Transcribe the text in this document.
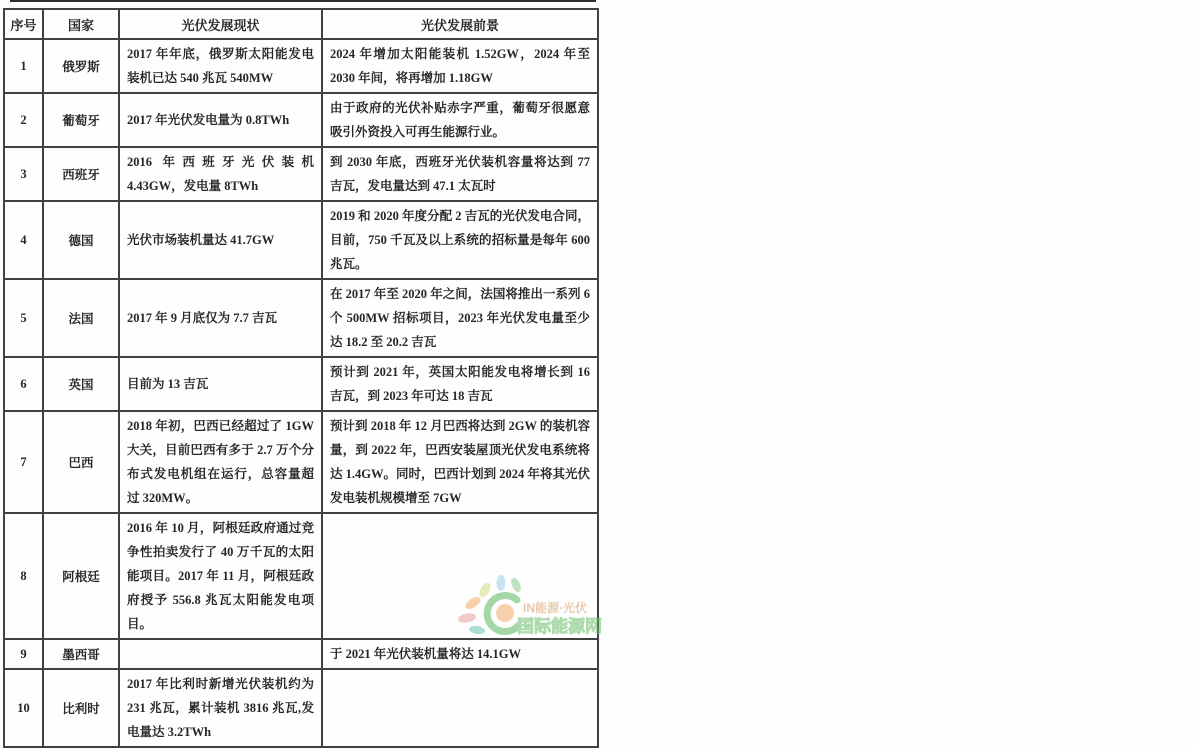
序号	国家	光伏发展现状	光伏发展前景
1	俄罗斯	2017 年年底，俄罗斯太阳能发电装机已达 540 兆瓦 540MW	2024 年增加太阳能装机 1.52GW，2024 年至 2030 年间，将再增加 1.18GW
2	葡萄牙	2017 年光伏发电量为 0.8TWh	由于政府的光伏补贴赤字严重，葡萄牙很愿意吸引外资投入可再生能源行业。
3	西班牙	2016 年西班牙光伏装机 4.43GW，发电量 8TWh	到 2030 年底，西班牙光伏装机容量将达到 77 吉瓦，发电量达到 47.1 太瓦时
4	德国	光伏市场装机量达 41.7GW	2019 和 2020 年度分配 2 吉瓦的光伏发电合同，目前，750 千瓦及以上系统的招标量是每年 600 兆瓦。
5	法国	2017 年 9 月底仅为 7.7 吉瓦	在 2017 年至 2020 年之间，法国将推出一系列 6 个 500MW 招标项目，2023 年光伏发电量至少达 18.2 至 20.2 吉瓦
6	英国	目前为 13 吉瓦	预计到 2021 年，英国太阳能发电将增长到 16 吉瓦，到 2023 年可达 18 吉瓦
7	巴西	2018 年初，巴西已经超过了 1GW 大关，目前巴西有多于 2.7 万个分布式发电机组在运行，总容量超过 320MW。	预计到 2018 年 12 月巴西将达到 2GW 的装机容量，到 2022 年，巴西安装屋顶光伏发电系统将达 1.4GW。同时，巴西计划到 2024 年将其光伏发电装机规模增至 7GW
8	阿根廷	2016 年 10 月，阿根廷政府通过竞争性拍卖发行了 40 万千瓦的太阳能项目。2017 年 11 月，阿根廷政府授予 556.8 兆瓦太阳能发电项目。	
9	墨西哥		于 2021 年光伏装机量将达 14.1GW
10	比利时	2017 年比利时新增光伏装机约为 231 兆瓦，累计装机 3816 兆瓦,发电量达 3.2TWh	
IN能源·光伏
国际能源网
